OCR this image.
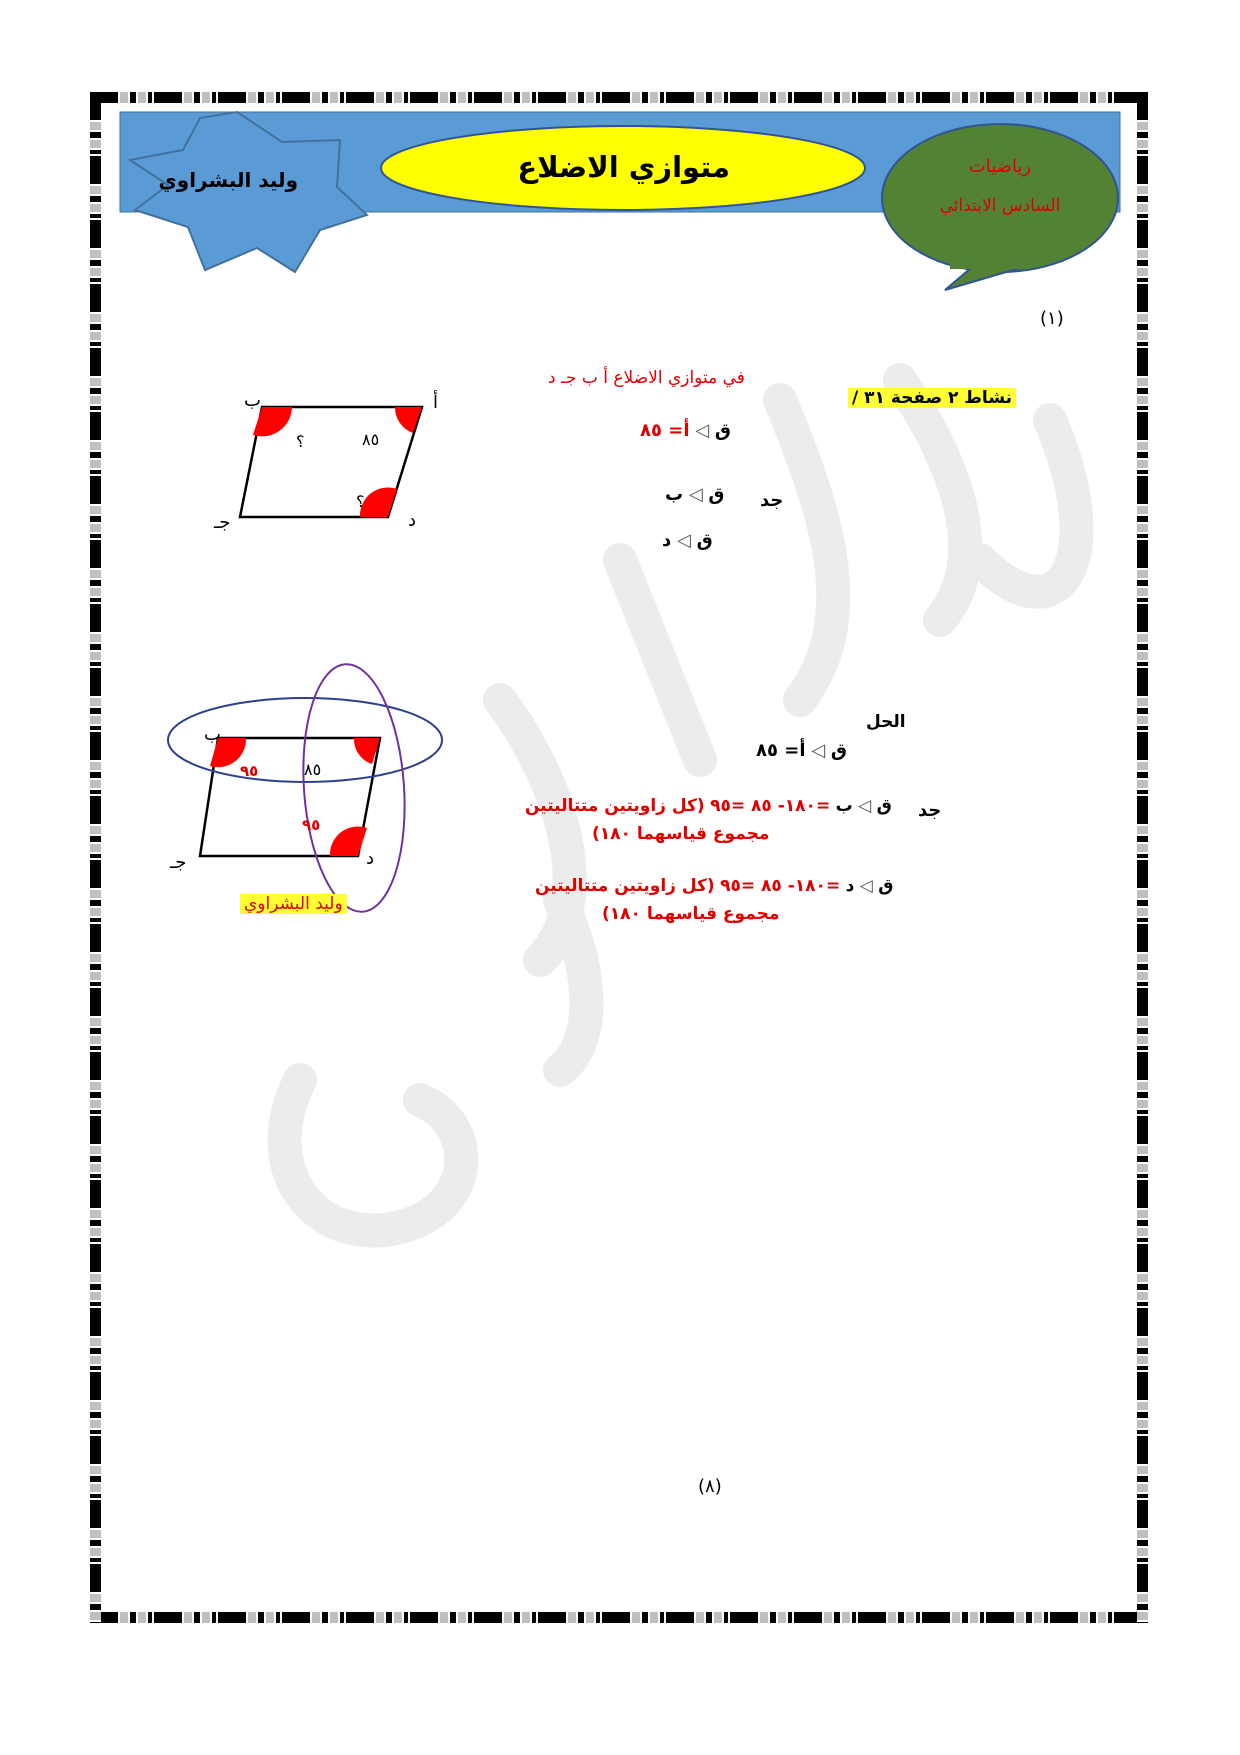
وليد البشراوي	متوازي الاضلاع	رياضيات
السادس الابتدائي
(١)
نشاط ٢ صفحة ٣١ /
في متوازي الاضلاع أ ب جـ د
ق ◁ أ= ٨٥
جد
ق ◁ ب
ق ◁ د
أ
ب
جـ	د
٨٥
؟
؟
الحل
ق ◁ أ= ٨٥
جد
ق ◁ ب =١٨٠- ٨٥ =٩٥ (كل زاويتين متتاليتين
مجموع قياسهما ١٨٠)
ق ◁ د =١٨٠- ٨٥ =٩٥ (كل زاويتين متتاليتين
مجموع قياسهما ١٨٠)
ب
جـ	د
٨٥
٩٥
٩٥
وليد البشراوي
(٨)
